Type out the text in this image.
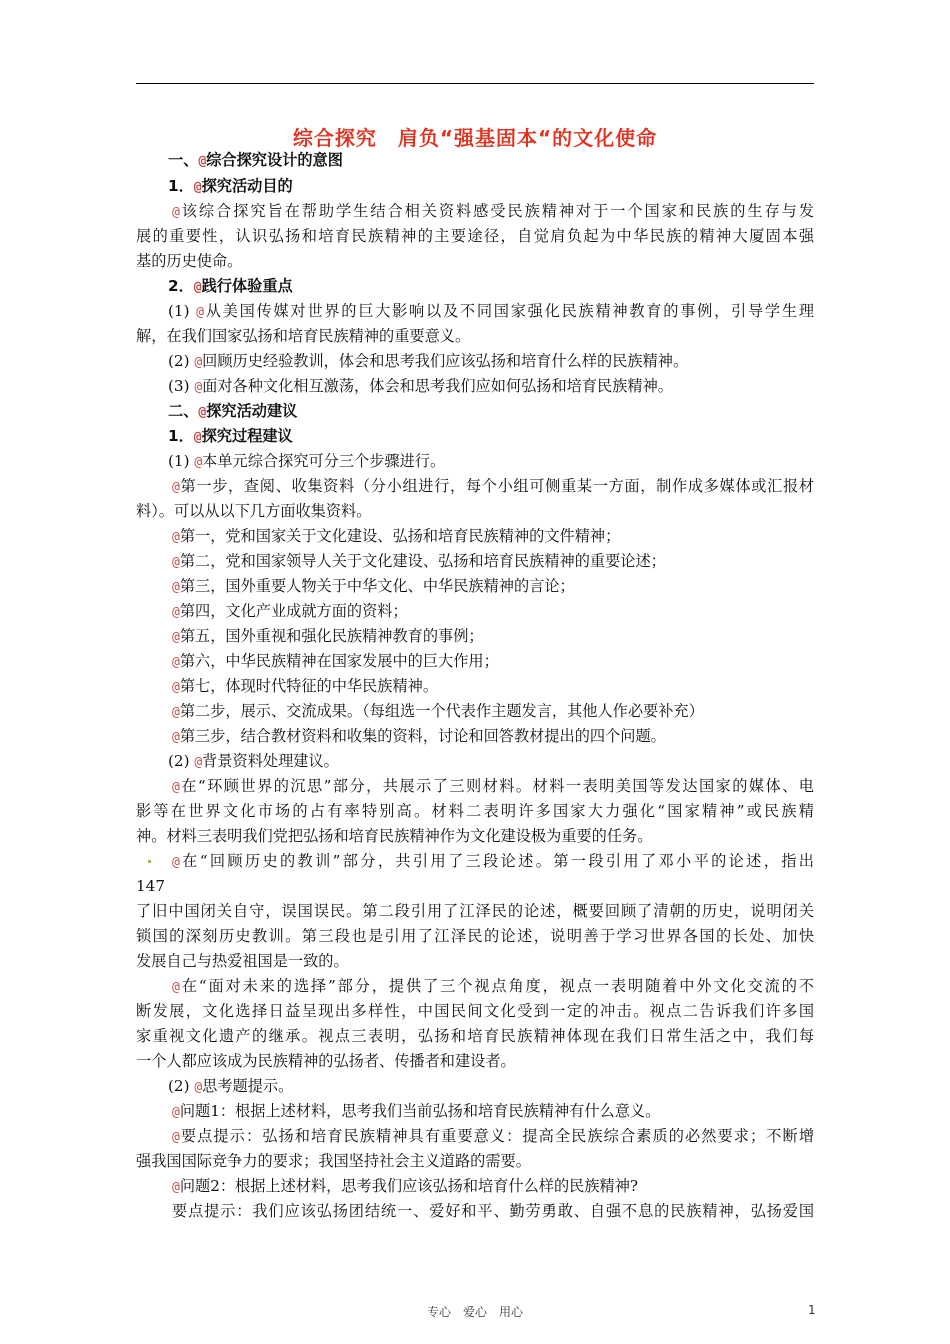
综合探究　肩负“强基固本“的文化使命
一、@综合探究设计的意图
1．@探究活动目的
@该综合探究旨在帮助学生结合相关资料感受民族精神对于一个国家和民族的生存与发
展的重要性，认识弘扬和培育民族精神的主要途径，自觉肩负起为中华民族的精神大厦固本强
基的历史使命。
2．@践行体验重点
(1) @从美国传媒对世界的巨大影响以及不同国家强化民族精神教育的事例，引导学生理
解，在我们国家弘扬和培育民族精神的重要意义。
(2) @回顾历史经验教训，体会和思考我们应该弘扬和培育什么样的民族精神。
(3) @面对各种文化相互激荡，体会和思考我们应如何弘扬和培育民族精神。
二、@探究活动建议
1．@探究过程建议
(1) @本单元综合探究可分三个步骤进行。
@第一步，查阅、收集资料（分小组进行，每个小组可侧重某一方面，制作成多媒体或汇报材
料）。可以从以下几方面收集资料。
@第一，党和国家关于文化建设、弘扬和培育民族精神的文件精神；
@第二，党和国家领导人关于文化建设、弘扬和培育民族精神的重要论述；
@第三，国外重要人物关于中华文化、中华民族精神的言论；
@第四，文化产业成就方面的资料；
@第五，国外重视和强化民族精神教育的事例；
@第六，中华民族精神在国家发展中的巨大作用；
@第七，体现时代特征的中华民族精神。
@第二步，展示、交流成果。（每组选一个代表作主题发言，其他人作必要补充）
@第三步，结合教材资料和收集的资料，讨论和回答教材提出的四个问题。
(2) @背景资料处理建议。
@在“环顾世界的沉思”部分，共展示了三则材料。材料一表明美国等发达国家的媒体、电
影等在世界文化市场的占有率特别高。材料二表明许多国家大力强化“国家精神”或民族精
神。材料三表明我们党把弘扬和培育民族精神作为文化建设极为重要的任务。
@在“回顾历史的教训”部分，共引用了三段论述。第一段引用了邓小平的论述，指出
147
了旧中国闭关自守，误国误民。第二段引用了江泽民的论述，概要回顾了清朝的历史，说明闭关
锁国的深刻历史教训。第三段也是引用了江泽民的论述，说明善于学习世界各国的长处、加快
发展自己与热爱祖国是一致的。
@在“面对未来的选择”部分，提供了三个视点角度，视点一表明随着中外文化交流的不
断发展，文化选择日益呈现出多样性，中国民间文化受到一定的冲击。视点二告诉我们许多国
家重视文化遗产的继承。视点三表明，弘扬和培育民族精神体现在我们日常生活之中，我们每
一个人都应该成为民族精神的弘扬者、传播者和建设者。
(2) @思考题提示。
@问题1：根据上述材料，思考我们当前弘扬和培育民族精神有什么意义。
@要点提示：弘扬和培育民族精神具有重要意义：提高全民族综合素质的必然要求；不断增
强我国国际竞争力的要求；我国坚持社会主义道路的需要。
@问题2：根据上述材料，思考我们应该弘扬和培育什么样的民族精神?
要点提示：我们应该弘扬团结统一、爱好和平、勤劳勇敢、自强不息的民族精神，弘扬爱国
专心　爱心　用心	1
